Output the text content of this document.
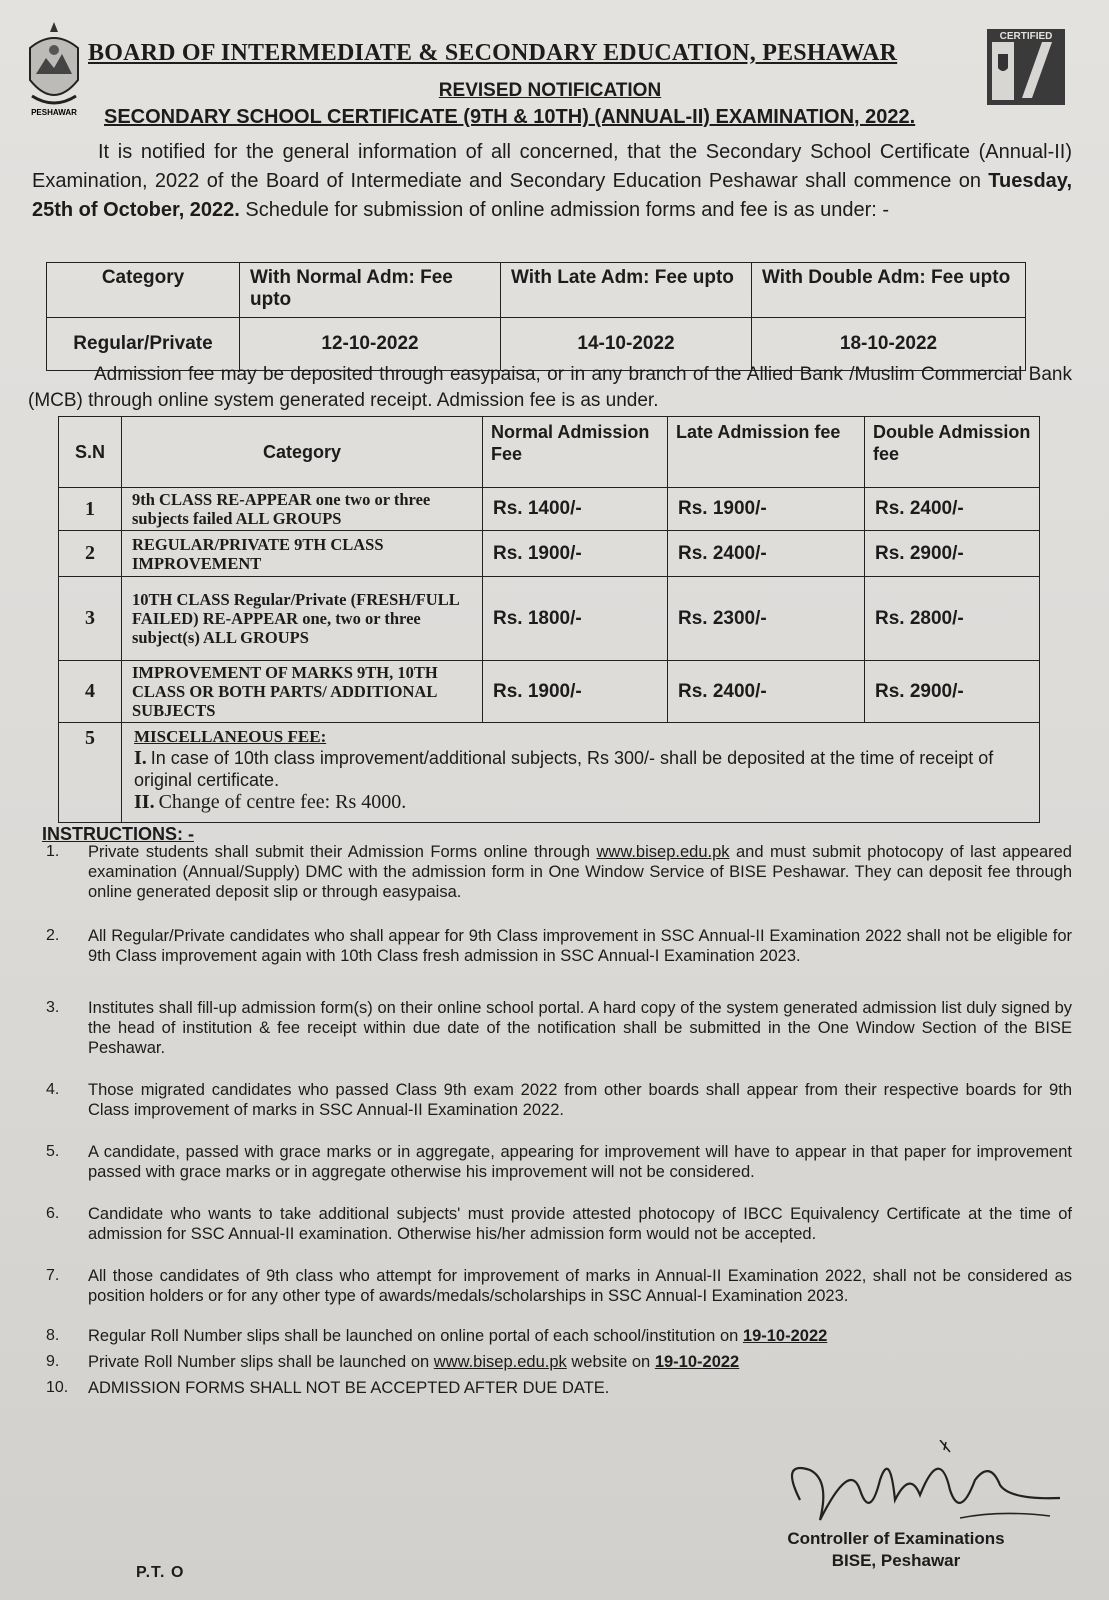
PESHAWAR
CERTIFIED
BOARD OF INTERMEDIATE & SECONDARY EDUCATION, PESHAWAR
REVISED NOTIFICATION
SECONDARY SCHOOL CERTIFICATE (9TH & 10TH) (ANNUAL-II) EXAMINATION, 2022.
It is notified for the general information of all concerned, that the Secondary School Certificate (Annual-II) Examination, 2022 of the Board of Intermediate and Secondary Education Peshawar shall commence on Tuesday, 25th of October, 2022. Schedule for submission of online admission forms and fee is as under: -
Category	With Normal Adm: Fee upto	With Late Adm: Fee upto	With Double Adm: Fee upto
Regular/Private	12-10-2022	14-10-2022	18-10-2022
Admission fee may be deposited through easypaisa, or in any branch of the Allied Bank /Muslim Commercial Bank (MCB) through online system generated receipt. Admission fee is as under.
S.N	Category	Normal Admission Fee	Late Admission fee	Double Admission fee
1	9th CLASS RE-APPEAR one two or three subjects failed ALL GROUPS	Rs. 1400/-	Rs. 1900/-	Rs. 2400/-
2	REGULAR/PRIVATE 9TH CLASS IMPROVEMENT	Rs. 1900/-	Rs. 2400/-	Rs. 2900/-
3	10TH CLASS Regular/Private (FRESH/FULL FAILED) RE-APPEAR one, two or three subject(s) ALL GROUPS	Rs. 1800/-	Rs. 2300/-	Rs. 2800/-
4	IMPROVEMENT OF MARKS 9TH, 10TH CLASS OR BOTH PARTS/ ADDITIONAL SUBJECTS	Rs. 1900/-	Rs. 2400/-	Rs. 2900/-
5	MISCELLANEOUS FEE:
I. In case of 10th class improvement/additional subjects, Rs 300/- shall be deposited at the time of receipt of original certificate.
II. Change of centre fee: Rs 4000.			
INSTRUCTIONS: -
1. Private students shall submit their Admission Forms online through www.bisep.edu.pk and must submit photocopy of last appeared examination (Annual/Supply) DMC with the admission form in One Window Service of BISE Peshawar. They can deposit fee through online generated deposit slip or through easypaisa.
2. All Regular/Private candidates who shall appear for 9th Class improvement in SSC Annual-II Examination 2022 shall not be eligible for 9th Class improvement again with 10th Class fresh admission in SSC Annual-I Examination 2023.
3. Institutes shall fill-up admission form(s) on their online school portal. A hard copy of the system generated admission list duly signed by the head of institution & fee receipt within due date of the notification shall be submitted in the One Window Section of the BISE Peshawar.
4. Those migrated candidates who passed Class 9th exam 2022 from other boards shall appear from their respective boards for 9th Class improvement of marks in SSC Annual-II Examination 2022.
5. A candidate, passed with grace marks or in aggregate, appearing for improvement will have to appear in that paper for improvement passed with grace marks or in aggregate otherwise his improvement will not be considered.
6. Candidate who wants to take additional subjects' must provide attested photocopy of IBCC Equivalency Certificate at the time of admission for SSC Annual-II examination. Otherwise his/her admission form would not be accepted.
7. All those candidates of 9th class who attempt for improvement of marks in Annual-II Examination 2022, shall not be considered as position holders or for any other type of awards/medals/scholarships in SSC Annual-I Examination 2023.
8. Regular Roll Number slips shall be launched on online portal of each school/institution on 19-10-2022
9. Private Roll Number slips shall be launched on www.bisep.edu.pk website on 19-10-2022
10. ADMISSION FORMS SHALL NOT BE ACCEPTED AFTER DUE DATE.
Controller of Examinations
BISE, Peshawar
P.T. O
